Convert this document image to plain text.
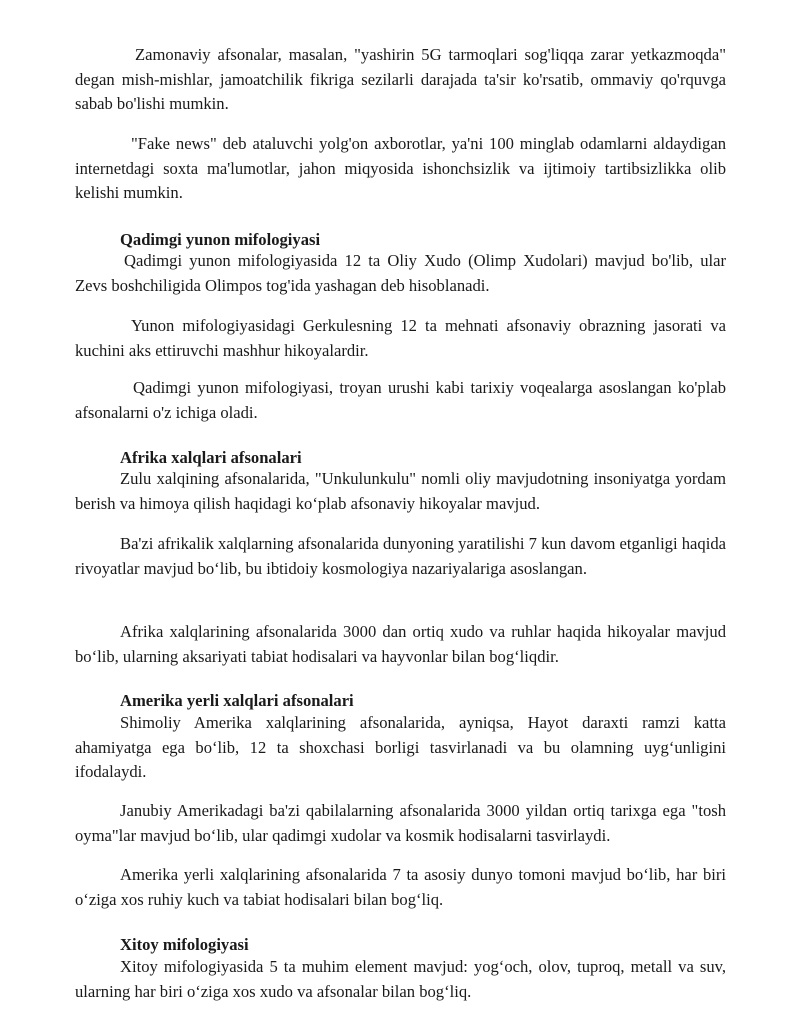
Zamonaviy afsonalar, masalan, "yashirin 5G tarmoqlari sog'liqqa zarar yetkazmoqda" degan mish-mishlar, jamoatchilik fikriga sezilarli darajada ta'sir ko'rsatib, ommaviy qo'rquvga sabab bo'lishi mumkin.

"Fake news" deb ataluvchi yolg'on axborotlar, ya'ni 100 minglab odamlarni aldaydigan internetdagi soxta ma'lumotlar, jahon miqyosida ishonchsizlik va ijtimoiy tartibsizlikka olib kelishi mumkin.

Qadimgi yunon mifologiyasi

Qadimgi yunon mifologiyasida 12 ta Oliy Xudo (Olimp Xudolari) mavjud bo'lib, ular Zevs boshchiligida Olimpos tog'ida yashagan deb hisoblanadi.

Yunon mifologiyasidagi Gerkulesning 12 ta mehnati afsonaviy obrazning jasorati va kuchini aks ettiruvchi mashhur hikoyalardir.

Qadimgi yunon mifologiyasi, troyan urushi kabi tarixiy voqealarga asoslangan ko'plab afsonalarni o'z ichiga oladi.

Afrika xalqlari afsonalari

Zulu xalqining afsonalarida, "Unkulunkulu" nomli oliy mavjudotning insoniyatga yordam berish va himoya qilish haqidagi ko‘plab afsonaviy hikoyalar mavjud.

Ba'zi afrikalik xalqlarning afsonalarida dunyoning yaratilishi 7 kun davom etganligi haqida rivoyatlar mavjud bo‘lib, bu ibtidoiy kosmologiya nazariyalariga asoslangan.

Afrika xalqlarining afsonalarida 3000 dan ortiq xudo va ruhlar haqida hikoyalar mavjud bo‘lib, ularning aksariyati tabiat hodisalari va hayvonlar bilan bog‘liqdir.

Amerika yerli xalqlari afsonalari

Shimoliy Amerika xalqlarining afsonalarida, ayniqsa, Hayot daraxti ramzi katta ahamiyatga ega bo‘lib, 12 ta shoxchasi borligi tasvirlanadi va bu olamning uyg‘unligini ifodalaydi.

Janubiy Amerikadagi ba'zi qabilalarning afsonalarida 3000 yildan ortiq tarixga ega "tosh oyma"lar mavjud bo‘lib, ular qadimgi xudolar va kosmik hodisalarni tasvirlaydi.

Amerika yerli xalqlarining afsonalarida 7 ta asosiy dunyo tomoni mavjud bo‘lib, har biri o‘ziga xos ruhiy kuch va tabiat hodisalari bilan bog‘liq.

Xitoy mifologiyasi

Xitoy mifologiyasida 5 ta muhim element mavjud: yog‘och, olov, tuproq, metall va suv, ularning har biri o‘ziga xos xudo va afsonalar bilan bog‘liq.
